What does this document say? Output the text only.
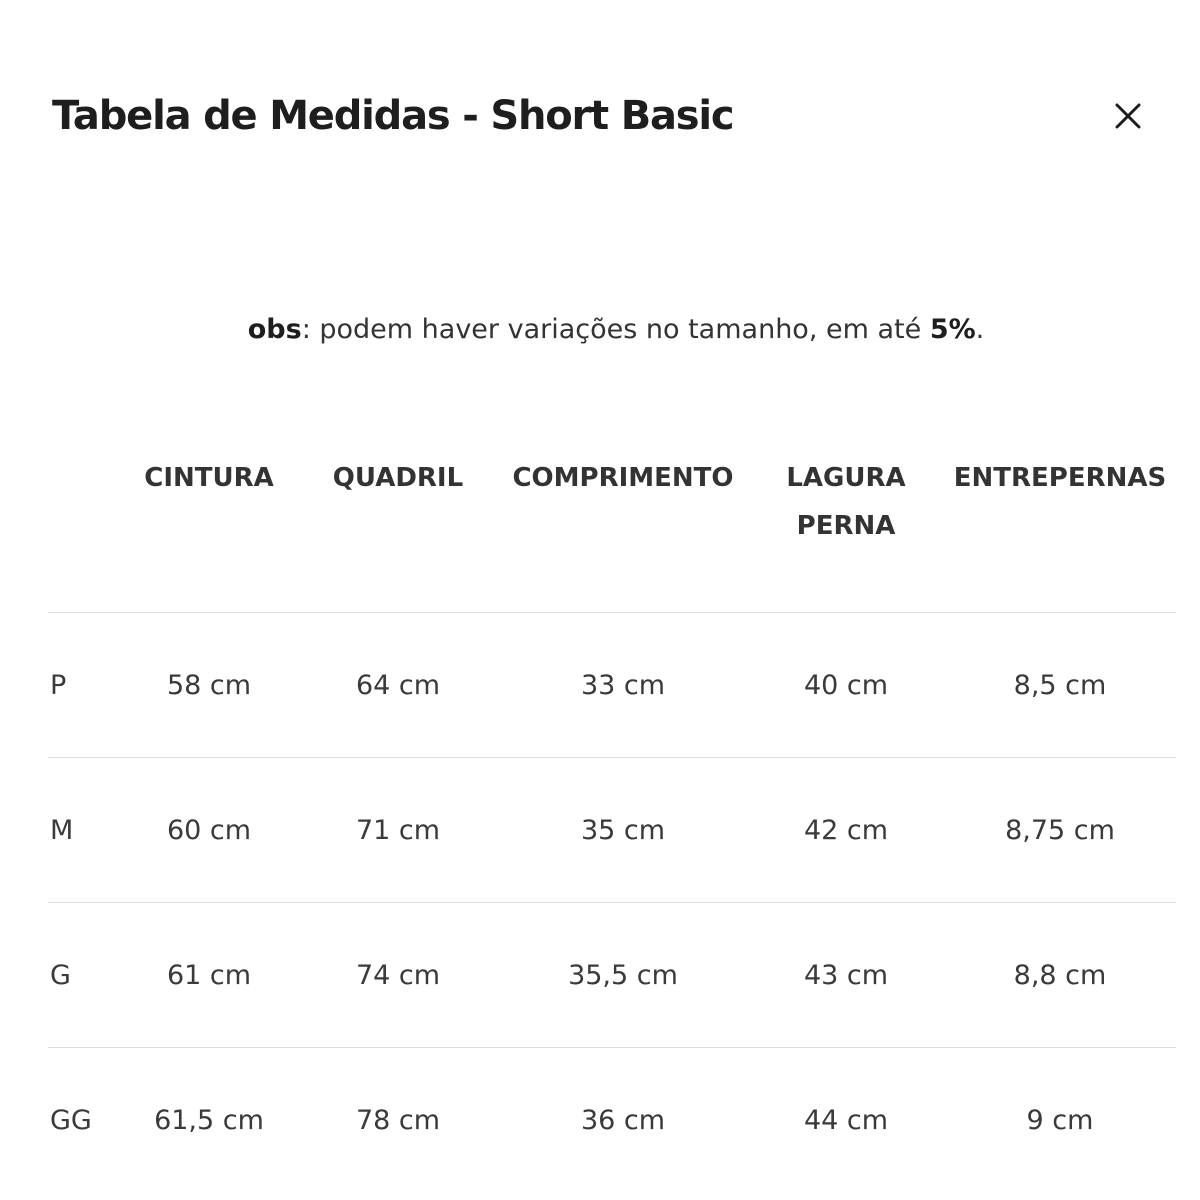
Tabela de Medidas - Short Basic

obs: podem haver variações no tamanho, em até 5%.

	CINTURA	QUADRIL	COMPRIMENTO	LAGURA PERNA	ENTREPERNAS
P	58 cm	64 cm	33 cm	40 cm	8,5 cm
M	60 cm	71 cm	35 cm	42 cm	8,75 cm
G	61 cm	74 cm	35,5 cm	43 cm	8,8 cm
GG	61,5 cm	78 cm	36 cm	44 cm	9 cm
